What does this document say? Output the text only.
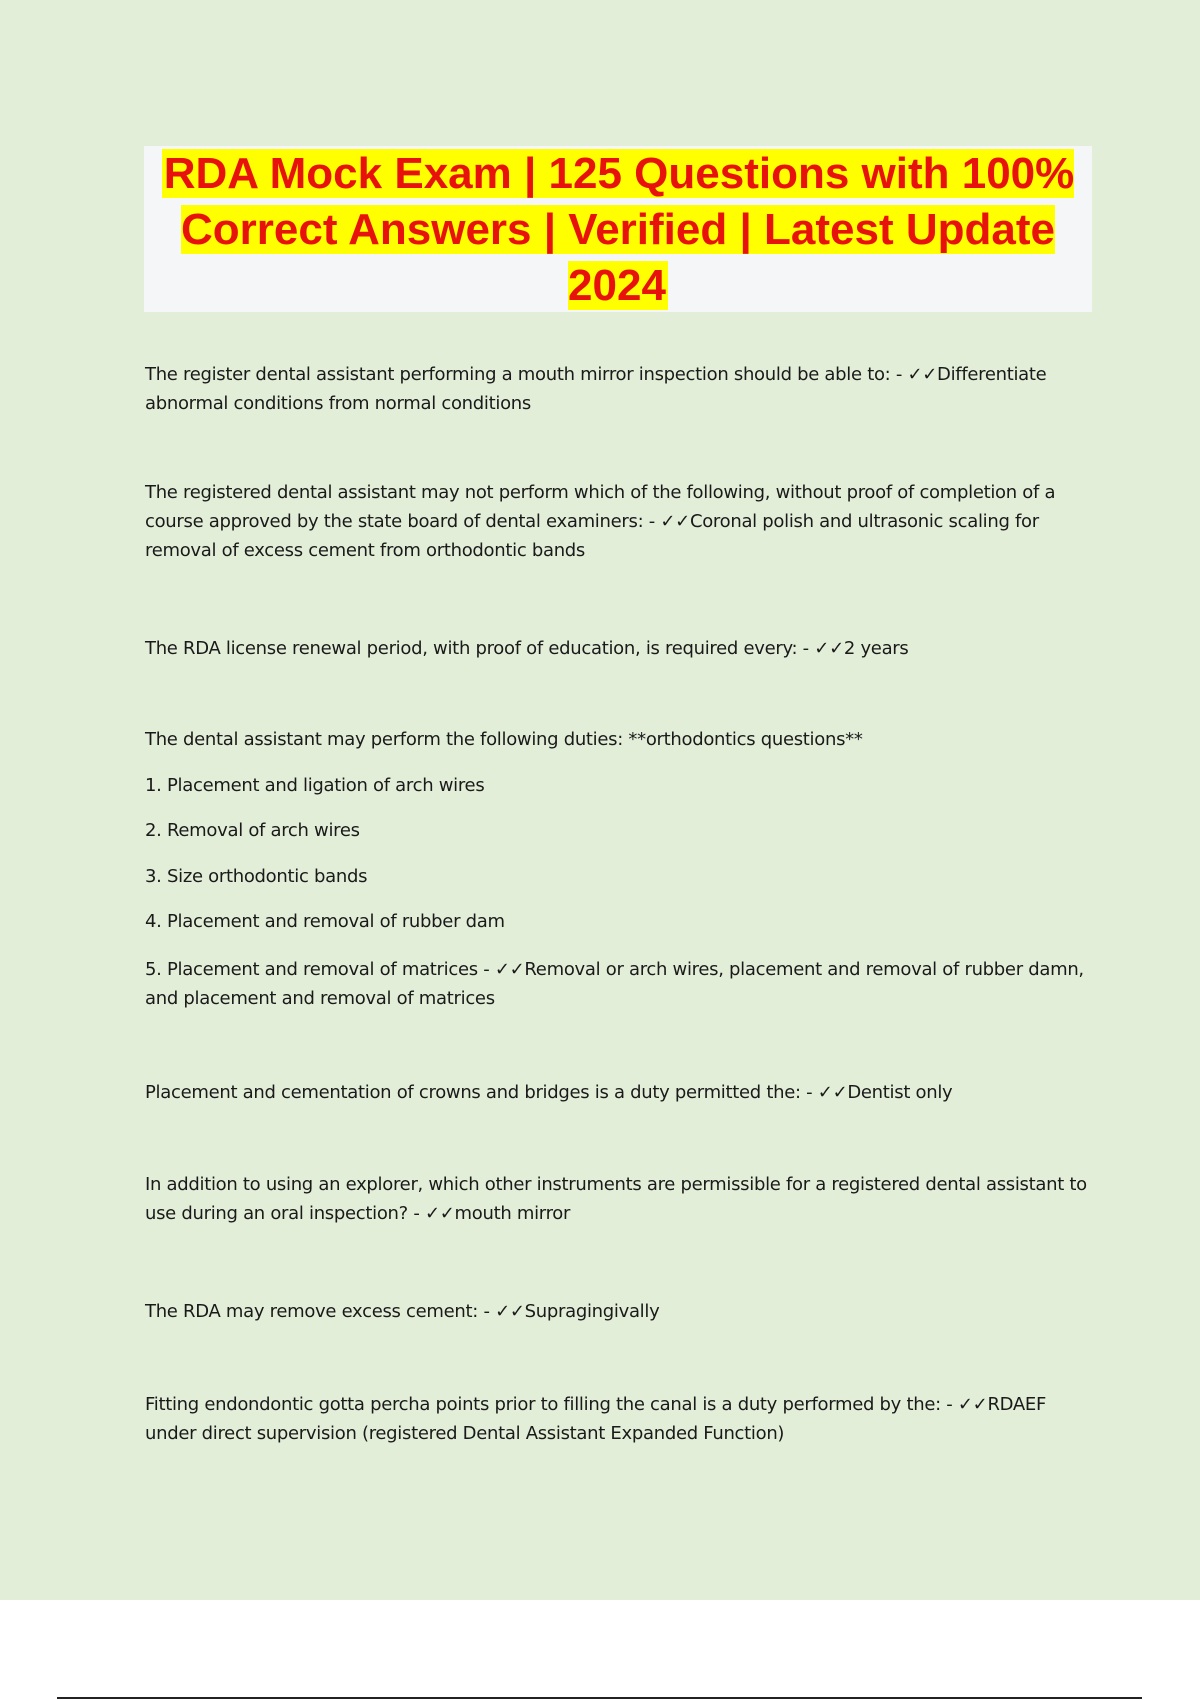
RDA Mock Exam | 125 Questions with 100% Correct Answers | Verified | Latest Update 2024

The register dental assistant performing a mouth mirror inspection should be able to: - ✓✓Differentiate abnormal conditions from normal conditions

The registered dental assistant may not perform which of the following, without proof of completion of a course approved by the state board of dental examiners: - ✓✓Coronal polish and ultrasonic scaling for removal of excess cement from orthodontic bands

The RDA license renewal period, with proof of education, is required every: - ✓✓2 years

The dental assistant may perform the following duties: **orthodontics questions**

1. Placement and ligation of arch wires

2. Removal of arch wires

3. Size orthodontic bands

4. Placement and removal of rubber dam

5. Placement and removal of matrices - ✓✓Removal or arch wires, placement and removal of rubber damn, and placement and removal of matrices

Placement and cementation of crowns and bridges is a duty permitted the: - ✓✓Dentist only

In addition to using an explorer, which other instruments are permissible for a registered dental assistant to use during an oral inspection? - ✓✓mouth mirror

The RDA may remove excess cement: - ✓✓Supragingivally

Fitting endondontic gotta percha points prior to filling the canal is a duty performed by the: - ✓✓RDAEF under direct supervision (registered Dental Assistant Expanded Function)
